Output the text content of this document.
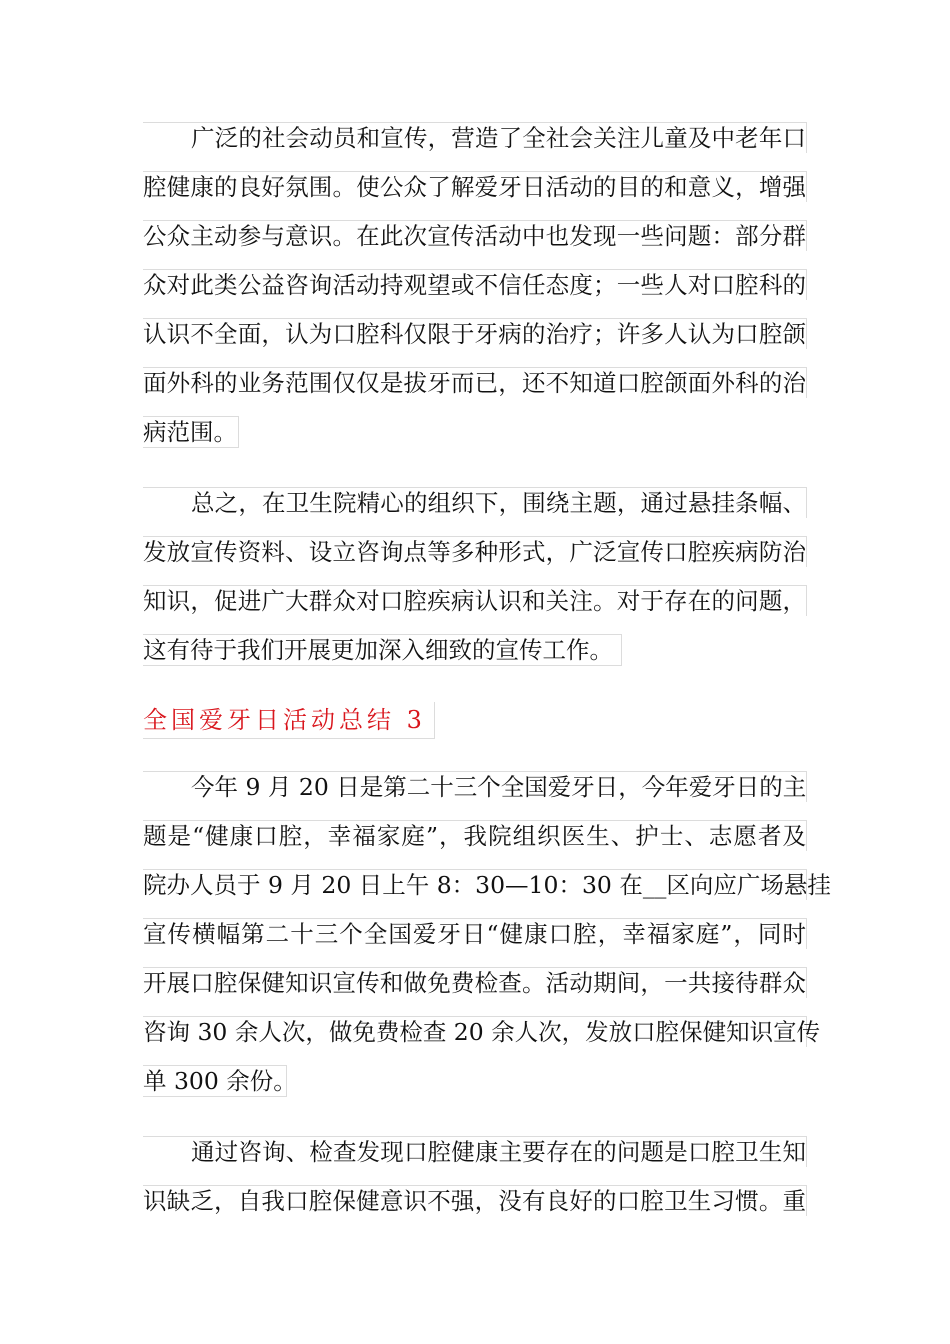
广泛的社会动员和宣传，营造了全社会关注儿童及中老年口
腔健康的良好氛围。使公众了解爱牙日活动的目的和意义，增强
公众主动参与意识。在此次宣传活动中也发现一些问题：部分群
众对此类公益咨询活动持观望或不信任态度；一些人对口腔科的
认识不全面，认为口腔科仅限于牙病的治疗；许多人认为口腔颌
面外科的业务范围仅仅是拔牙而已，还不知道口腔颌面外科的治
病范围。
总之，在卫生院精心的组织下，围绕主题，通过悬挂条幅、
发放宣传资料、设立咨询点等多种形式，广泛宣传口腔疾病防治
知识，促进广大群众对口腔疾病认识和关注。对于存在的问题，
这有待于我们开展更加深入细致的宣传工作。
全国爱牙日活动总结 3
今年 9 月 20 日是第二十三个全国爱牙日，今年爱牙日的主
题是“健康口腔，幸福家庭”，我院组织医生、护士、志愿者及
院办人员于 9 月 20 日上午 8：30—10：30 在__区向应广场悬挂
宣传横幅第二十三个全国爱牙日“健康口腔，幸福家庭”，同时
开展口腔保健知识宣传和做免费检查。活动期间，一共接待群众
咨询 30 余人次，做免费检查 20 余人次，发放口腔保健知识宣传
单 300 余份。
通过咨询、检查发现口腔健康主要存在的问题是口腔卫生知
识缺乏，自我口腔保健意识不强，没有良好的口腔卫生习惯。重
